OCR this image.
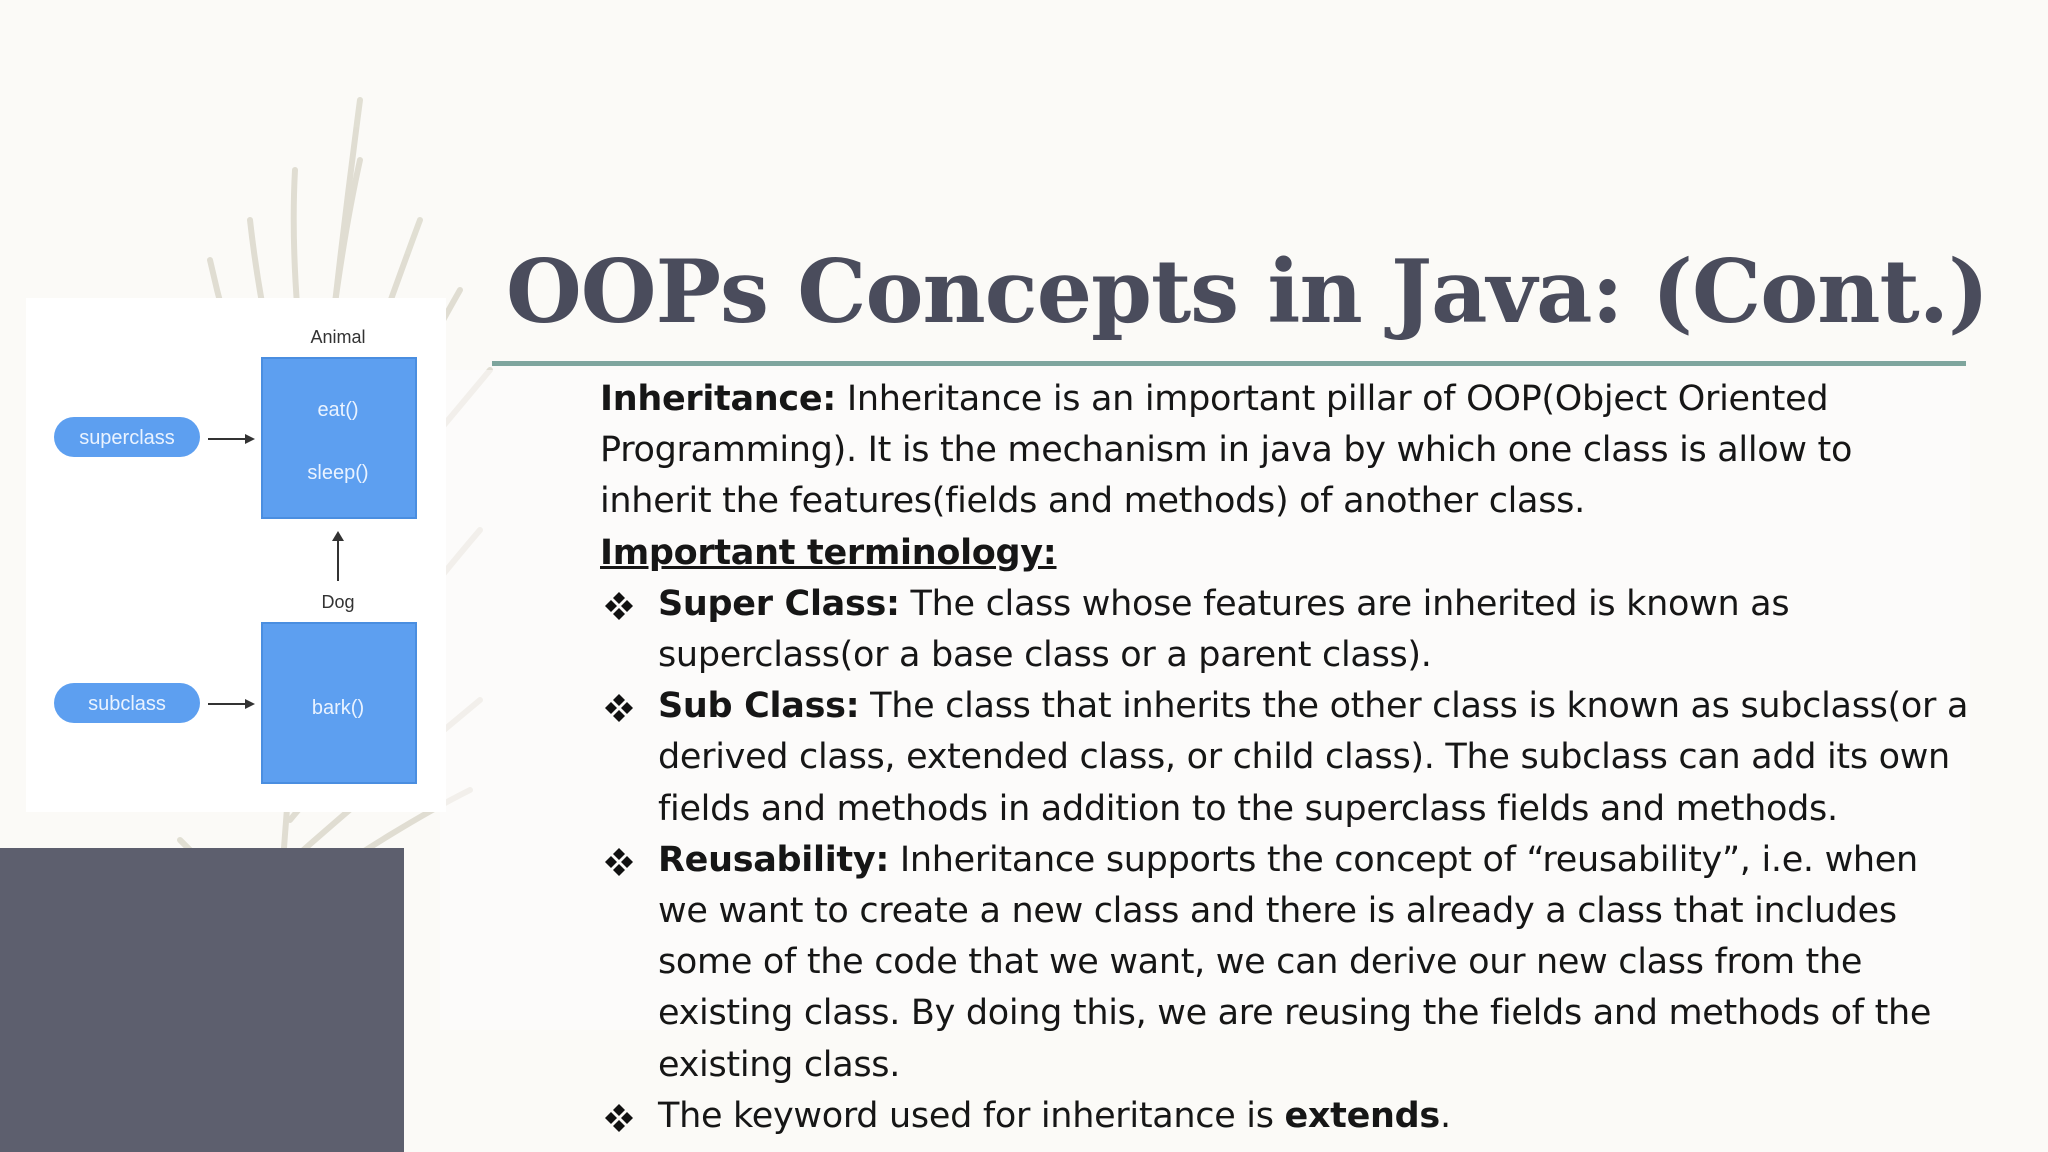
OOPs Concepts in Java: (Cont.)
Animal
eat()
sleep()
Dog
bark()
superclass
subclass

Inheritance: Inheritance is an important pillar of OOP(Object Oriented Programming). It is the mechanism in java by which one class is allow to inherit the features(fields and methods) of another class.

Important terminology:

Super Class: The class whose features are inherited is known as superclass(or a base class or a parent class).

Sub Class: The class that inherits the other class is known as subclass(or a derived class, extended class, or child class). The subclass can add its own fields and methods in addition to the superclass fields and methods.

Reusability: Inheritance supports the concept of “reusability”, i.e. when we want to create a new class and there is already a class that includes some of the code that we want, we can derive our new class from the existing class. By doing this, we are reusing the fields and methods of the existing class.

The keyword used for inheritance is extends.
